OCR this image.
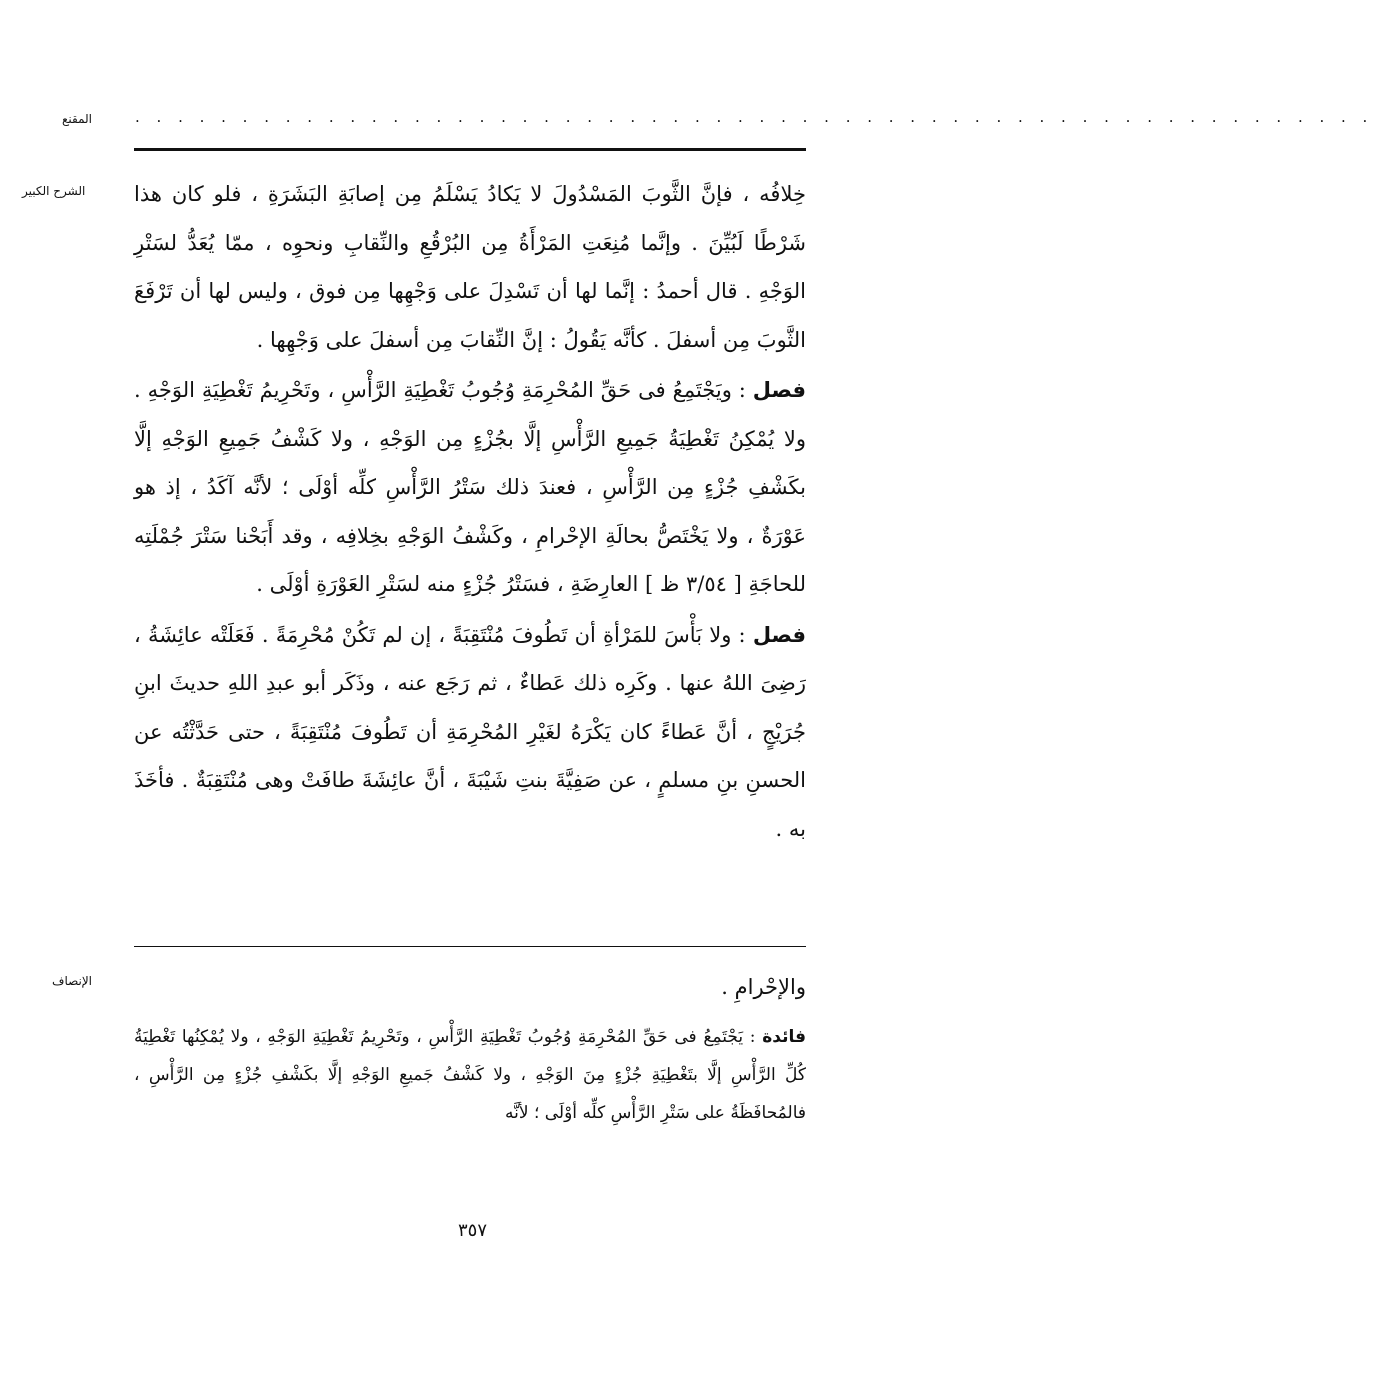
المقنع	. . . . . . . . . . . . . . . . . . . . . . . . . . . . . . . . . . . . . . . . . . . . . . . . . . . . . . . . . .
الشرح الكبير خِلافُه ، فإنَّ الثَّوبَ المَسْدُولَ لا يَكادُ يَسْلَمُ مِن إصابَةِ البَشَرَةِ ، فلو كان هذا شَرْطًا لَبُيِّنَ . وإنَّما مُنِعَتِ المَرْأَةُ مِن البُرْقُعِ والنِّقابِ ونحوِه ، ممّا يُعَدُّ لسَتْرِ الوَجْهِ . قال أحمدُ : إنَّما لها أن تَسْدِلَ على وَجْهِها مِن فوق ، وليس لها أن تَرْفَعَ الثَّوبَ مِن أسفلَ . كأنَّه يَقُولُ : إنَّ النِّقابَ مِن أسفلَ على وَجْهِها .

فصل : ويَجْتَمِعُ فى حَقِّ المُحْرِمَةِ وُجُوبُ تَغْطِيَةِ الرَّأْسِ ، وتَحْرِيمُ تَغْطِيَةِ الوَجْهِ . ولا يُمْكِنُ تَغْطِيَةُ جَمِيعِ الرَّأْسِ إلَّا بجُزْءٍ مِن الوَجْهِ ، ولا كَشْفُ جَمِيعِ الوَجْهِ إلَّا بكَشْفِ جُزْءٍ مِن الرَّأْسِ ، فعندَ ذلك سَتْرُ الرَّأْسِ كلِّه أوْلَى ؛ لأنَّه آكَدُ ، إذ هو عَوْرَةٌ ، ولا يَخْتَصُّ بحالَةِ الإحْرامِ ، وكَشْفُ الوَجْهِ بخِلافِه ، وقد أَبَحْنا سَتْرَ جُمْلَتِه للحاجَةِ [ ٣/٥٤ ظ ] العارِضَةِ ، فسَتْرُ جُزْءٍ منه لسَتْرِ العَوْرَةِ أوْلَى .

فصل : ولا بَأْسَ للمَرْأةِ أن تَطُوفَ مُنْتَقِبَةً ، إن لم تَكُنْ مُحْرِمَةً . فَعَلَتْه عائِشَةُ ، رَضِىَ اللهُ عنها . وكَرِه ذلك عَطاءٌ ، ثم رَجَع عنه ، وذَكَر أبو عبدِ اللهِ حديثَ ابنِ جُرَيْجٍ ، أنَّ عَطاءً كان يَكْرَهُ لغَيْرِ المُحْرِمَةِ أن تَطُوفَ مُنْتَقِبَةً ، حتى حَدَّثْتُه عن الحسنِ بنِ مسلمٍ ، عن صَفِيَّةَ بنتِ شَيْبَةَ ، أنَّ عائِشَةَ طافَتْ وهى مُنْتَقِبَةٌ . فأخَذَ به .

الإنصاف	والإحْرامِ .
فائدة : يَجْتَمِعُ فى حَقِّ المُحْرِمَةِ وُجُوبُ تَغْطِيَةِ الرَّأْسِ ، وتَحْرِيمُ تَغْطِيَةِ الوَجْهِ ، ولا يُمْكِنُها تَغْطِيَةُ كُلِّ الرَّأْسِ إلَّا بتَغْطِيَةِ جُزْءٍ مِنَ الوَجْهِ ، ولا كَشْفُ جَميعِ الوَجْهِ إلَّا بكَشْفِ جُزْءٍ مِن الرَّأْسِ ، فالمُحافَظَةُ على سَتْرِ الرَّأْسِ كلِّه أوْلَى ؛ لأنَّه
٣٥٧
